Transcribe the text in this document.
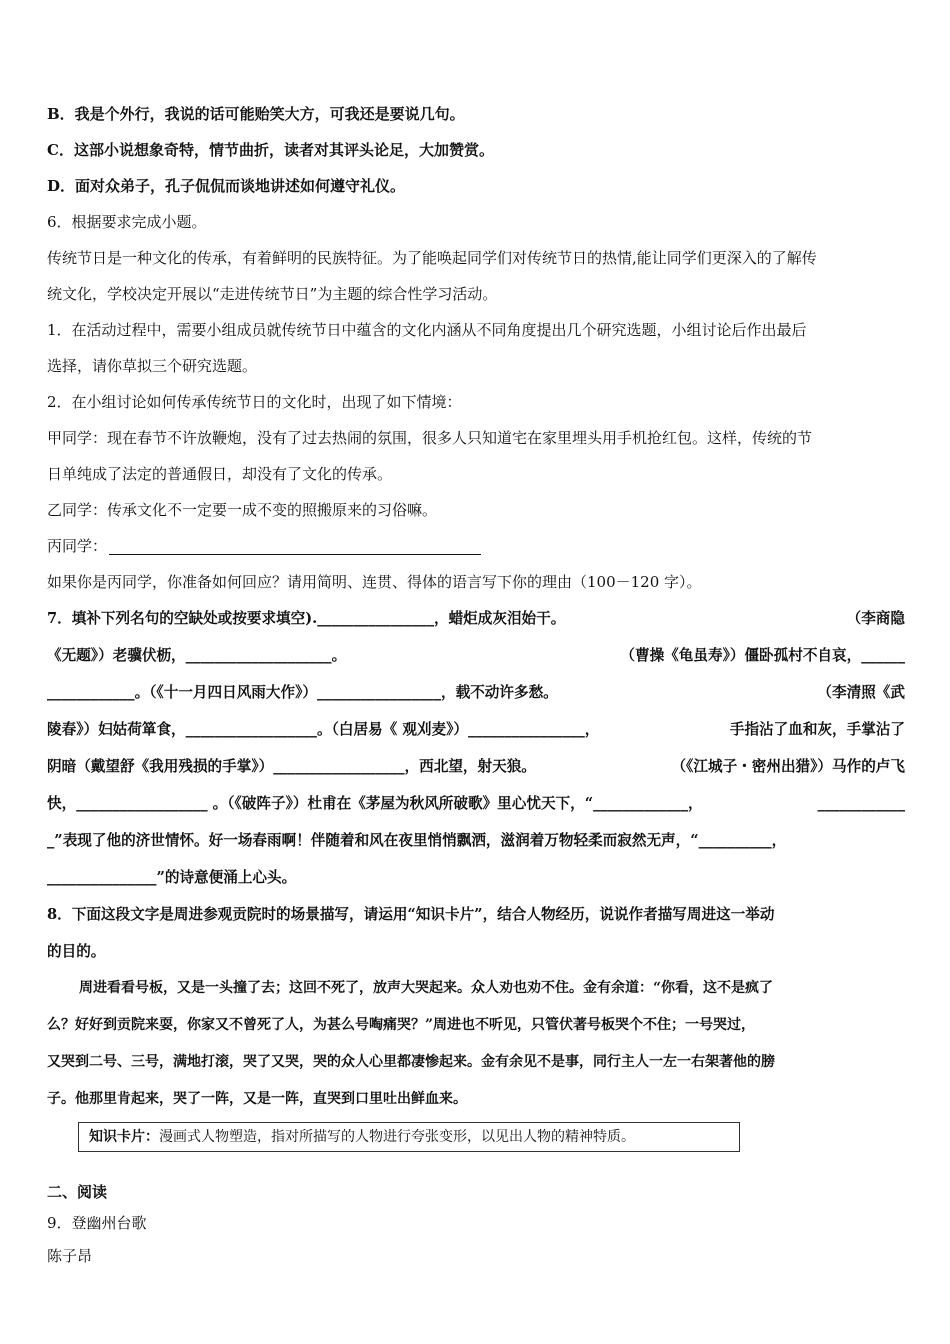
B．我是个外行，我说的话可能贻笑大方，可我还是要说几句。
C．这部小说想象奇特，情节曲折，读者对其评头论足，大加赞赏。
D．面对众弟子，孔子侃侃而谈地讲述如何遵守礼仪。
6．根据要求完成小题。
传统节日是一种文化的传承，有着鲜明的民族特征。为了能唤起同学们对传统节日的热情,能让同学们更深入的了解传
统文化，学校决定开展以“走进传统节日”为主题的综合性学习活动。
1．在活动过程中，需要小组成员就传统节日中蕴含的文化内涵从不同角度提出几个研究选题，小组讨论后作出最后
选择，请你草拟三个研究选题。
2．在小组讨论如何传承传统节日的文化时，出现了如下情境：
甲同学：现在春节不许放鞭炮，没有了过去热闹的氛围，很多人只知道宅在家里埋头用手机抢红包。这样，传统的节
日单纯成了法定的普通假日，却没有了文化的传承。
乙同学：传承文化不一定要一成不变的照搬原来的习俗嘛。
丙同学：
如果你是丙同学，你准备如何回应？请用简明、连贯、得体的语言写下你的理由（100－120 字）。
7．填补下列名句的空缺处或按要求填空).________________，蜡炬成灰泪始干。	（李商隐
《无题》）老骥伏枥，____________________。	（曹操《龟虽寿》）僵卧孤村不自哀，______
____________。（《十一月四日风雨大作》）_________________，载不动许多愁。	（李清照《武
陵春》）妇姑荷箪食，__________________。（白居易《 观刈麦》）________________，	手指沾了血和灰，手掌沾了
阴暗（戴望舒《我用残损的手掌》）__________________，西北望，射天狼。	（《江城子・密州出猎》）马作的卢飞
快，__________________ 。（《破阵子》）杜甫在《茅屋为秋风所破歌》里心忧天下，“_____________，	____________
_”表现了他的济世情怀。好一场春雨啊！伴随着和风在夜里悄悄飘洒，滋润着万物轻柔而寂然无声，“__________，
_______________”的诗意便涌上心头。
8．下面这段文字是周进参观贡院时的场景描写，请运用“知识卡片”，结合人物经历，说说作者描写周进这一举动
的目的。
周进看看号板，又是一头撞了去；这回不死了，放声大哭起来。众人劝也劝不住。金有余道：“你看，这不是疯了
么？好好到贡院来耍，你家又不曾死了人，为甚么号啕痛哭？”周进也不听见，只管伏著号板哭个不住；一号哭过，
又哭到二号、三号，满地打滚，哭了又哭，哭的众人心里都凄惨起来。金有余见不是事，同行主人一左一右架著他的膀
子。他那里肯起来，哭了一阵，又是一阵，直哭到口里吐出鲜血来。
知识卡片：漫画式人物塑造，指对所描写的人物进行夸张变形，以见出人物的精神特质。
二、阅读
9．登幽州台歌
陈子昂
